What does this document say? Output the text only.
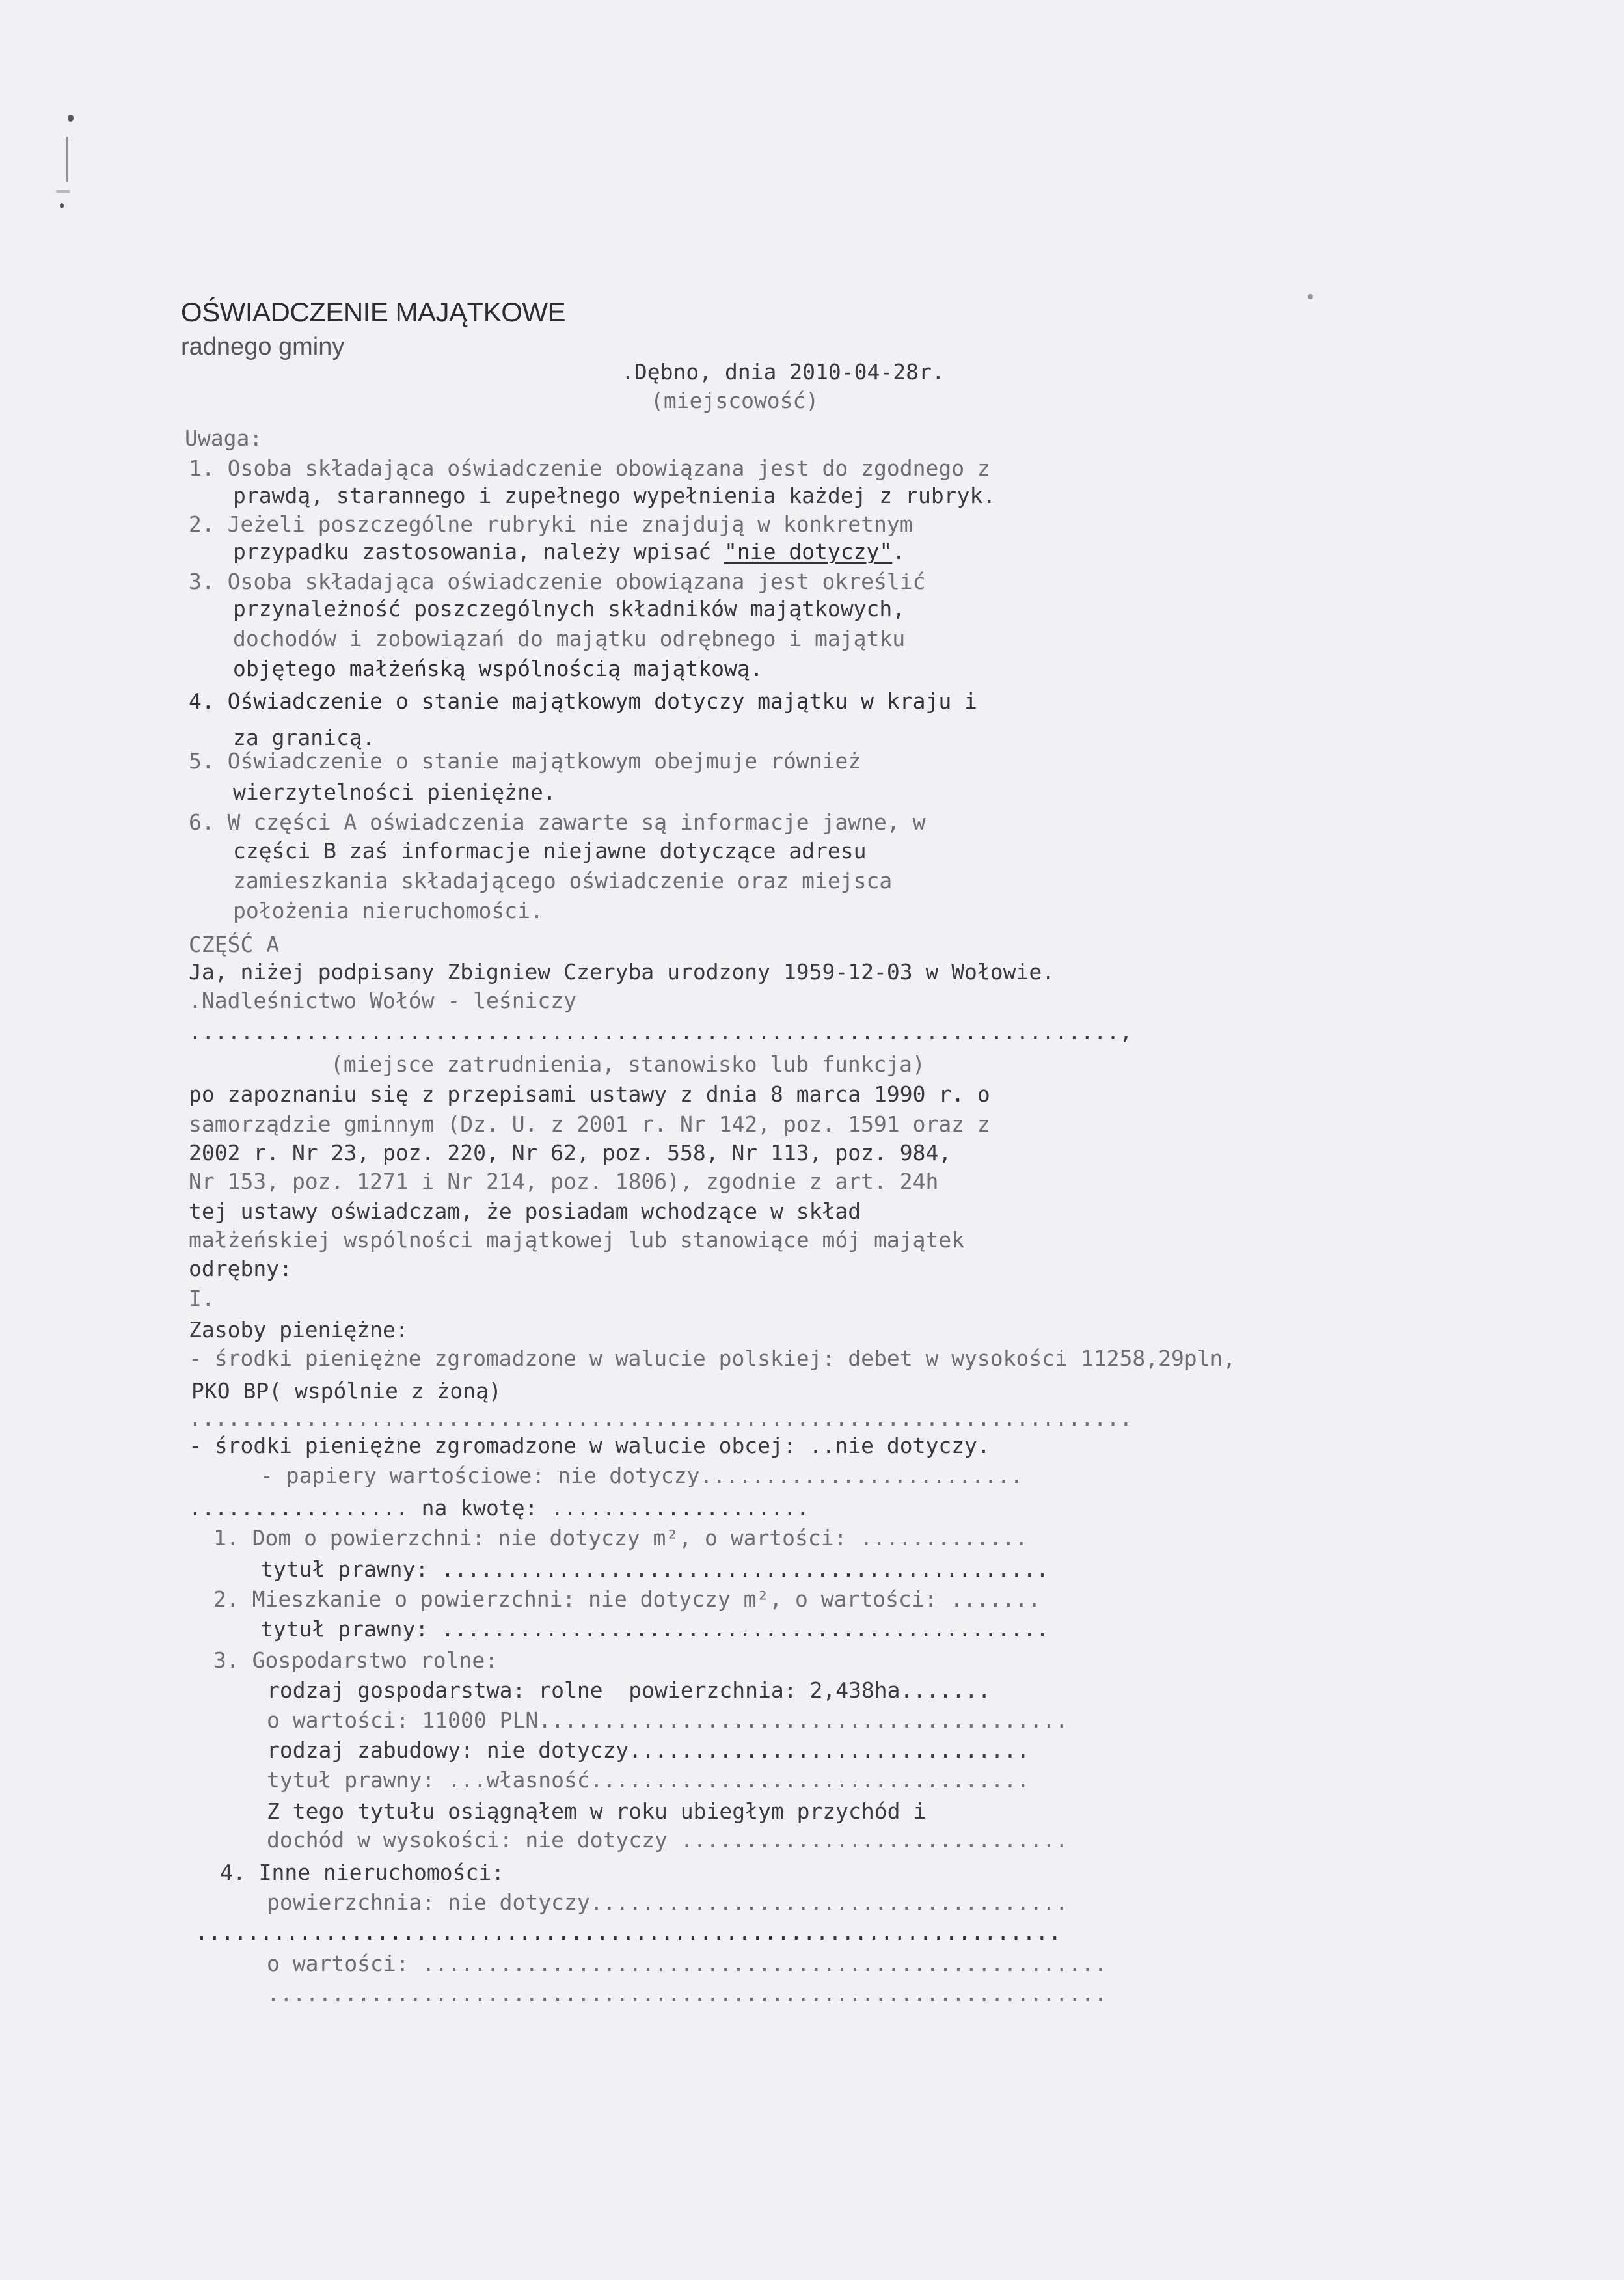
OŚWIADCZENIE MAJĄTKOWE
radnego gminy
.Dębno, dnia 2010-04-28r.
(miejscowość)
Uwaga:
1. Osoba składająca oświadczenie obowiązana jest do zgodnego z
prawdą, starannego i zupełnego wypełnienia każdej z rubryk.
2. Jeżeli poszczególne rubryki nie znajdują w konkretnym
przypadku zastosowania, należy wpisać "nie dotyczy".
3. Osoba składająca oświadczenie obowiązana jest określić
przynależność poszczególnych składników majątkowych,
dochodów i zobowiązań do majątku odrębnego i majątku
objętego małżeńską wspólnością majątkową.
4. Oświadczenie o stanie majątkowym dotyczy majątku w kraju i
za granicą.
5. Oświadczenie o stanie majątkowym obejmuje również
wierzytelności pieniężne.
6. W części A oświadczenia zawarte są informacje jawne, w
części B zaś informacje niejawne dotyczące adresu
zamieszkania składającego oświadczenie oraz miejsca
położenia nieruchomości.
CZĘŚĆ A
Ja, niżej podpisany Zbigniew Czeryba urodzony 1959-12-03 w Wołowie.
.Nadleśnictwo Wołów - leśniczy
........................................................................,
(miejsce zatrudnienia, stanowisko lub funkcja)
po zapoznaniu się z przepisami ustawy z dnia 8 marca 1990 r. o
samorządzie gminnym (Dz. U. z 2001 r. Nr 142, poz. 1591 oraz z
2002 r. Nr 23, poz. 220, Nr 62, poz. 558, Nr 113, poz. 984,
Nr 153, poz. 1271 i Nr 214, poz. 1806), zgodnie z art. 24h
tej ustawy oświadczam, że posiadam wchodzące w skład
małżeńskiej wspólności majątkowej lub stanowiące mój majątek
odrębny:
I.
Zasoby pieniężne:
- środki pieniężne zgromadzone w walucie polskiej: debet w wysokości 11258,29pln,
PKO BP( wspólnie z żoną)
.........................................................................
- środki pieniężne zgromadzone w walucie obcej: ..nie dotyczy.
- papiery wartościowe: nie dotyczy.........................
................. na kwotę: ....................
1. Dom o powierzchni: nie dotyczy m², o wartości: .............
tytuł prawny: ...............................................
2. Mieszkanie o powierzchni: nie dotyczy m², o wartości: .......
tytuł prawny: ...............................................
3. Gospodarstwo rolne:
rodzaj gospodarstwa: rolne  powierzchnia: 2,438ha.......
o wartości: 11000 PLN.........................................
rodzaj zabudowy: nie dotyczy...............................
tytuł prawny: ...własność..................................
Z tego tytułu osiągnąłem w roku ubiegłym przychód i
dochód w wysokości: nie dotyczy ..............................
4. Inne nieruchomości:
powierzchnia: nie dotyczy.....................................
...................................................................
o wartości: .....................................................
.................................................................
